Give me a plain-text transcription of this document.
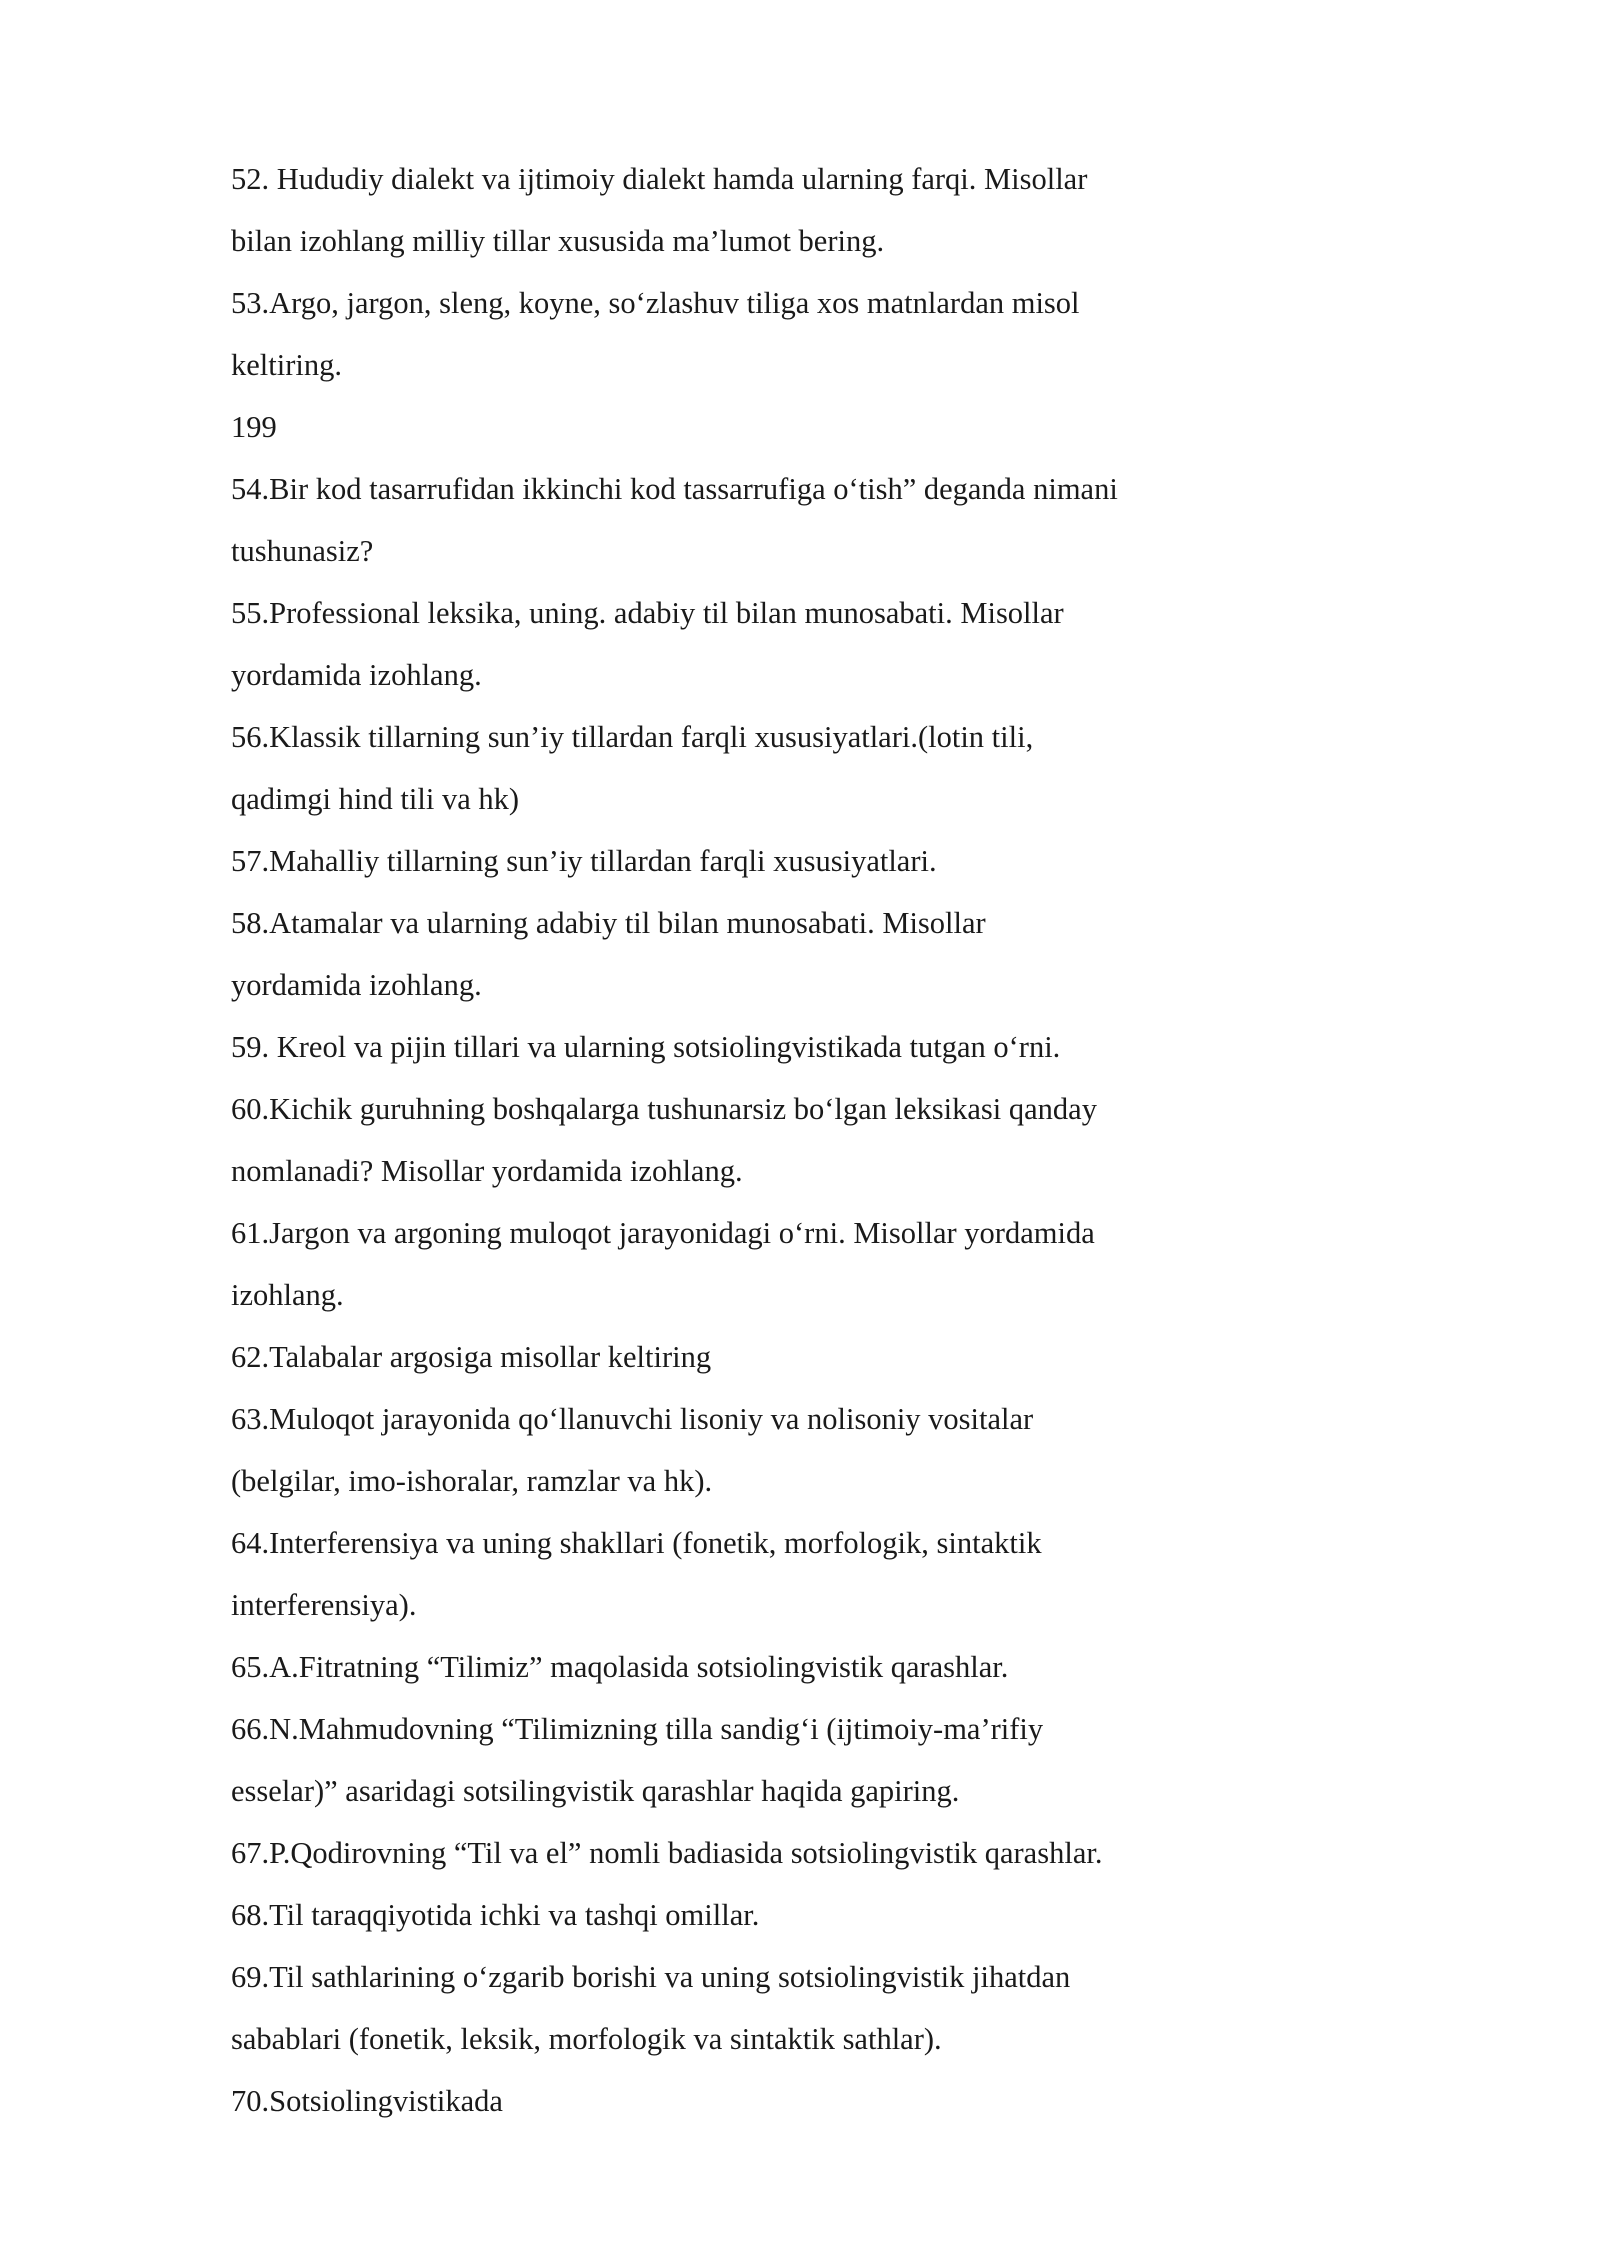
52. Hududiy dialekt va ijtimoiy dialekt hamda ularning farqi. Misollar
bilan izohlang milliy tillar xususida ma’lumot bering.
53.Argo, jargon, sleng, koyne, so‘zlashuv tiliga xos matnlardan misol
keltiring.
199
54.Bir kod tasarrufidan ikkinchi kod tassarrufiga o‘tish” deganda nimani
tushunasiz?
55.Professional leksika, uning. adabiy til bilan munosabati. Misollar
yordamida izohlang.
56.Klassik tillarning sun’iy tillardan farqli xususiyatlari.(lotin tili,
qadimgi hind tili va hk)
57.Mahalliy tillarning sun’iy tillardan farqli xususiyatlari.
58.Atamalar va ularning adabiy til bilan munosabati. Misollar
yordamida izohlang.
59. Kreol va pijin tillari va ularning sotsiolingvistikada tutgan o‘rni.
60.Kichik guruhning boshqalarga tushunarsiz bo‘lgan leksikasi qanday
nomlanadi? Misollar yordamida izohlang.
61.Jargon va argoning muloqot jarayonidagi o‘rni. Misollar yordamida
izohlang.
62.Talabalar argosiga misollar keltiring
63.Muloqot jarayonida qo‘llanuvchi lisoniy va nolisoniy vositalar
(belgilar, imo-ishoralar, ramzlar va hk).
64.Interferensiya va uning shakllari (fonetik, morfologik, sintaktik
interferensiya).
65.A.Fitratning “Tilimiz” maqolasida sotsiolingvistik qarashlar.
66.N.Mahmudovning “Tilimizning tilla sandig‘i (ijtimoiy-ma’rifiy
esselar)” asaridagi sotsilingvistik qarashlar haqida gapiring.
67.P.Qodirovning “Til va el” nomli badiasida sotsiolingvistik qarashlar.
68.Til taraqqiyotida ichki va tashqi omillar.
69.Til sathlarining o‘zgarib borishi va uning sotsiolingvistik jihatdan
sabablari (fonetik, leksik, morfologik va sintaktik sathlar).
70.Sotsiolingvistikada
